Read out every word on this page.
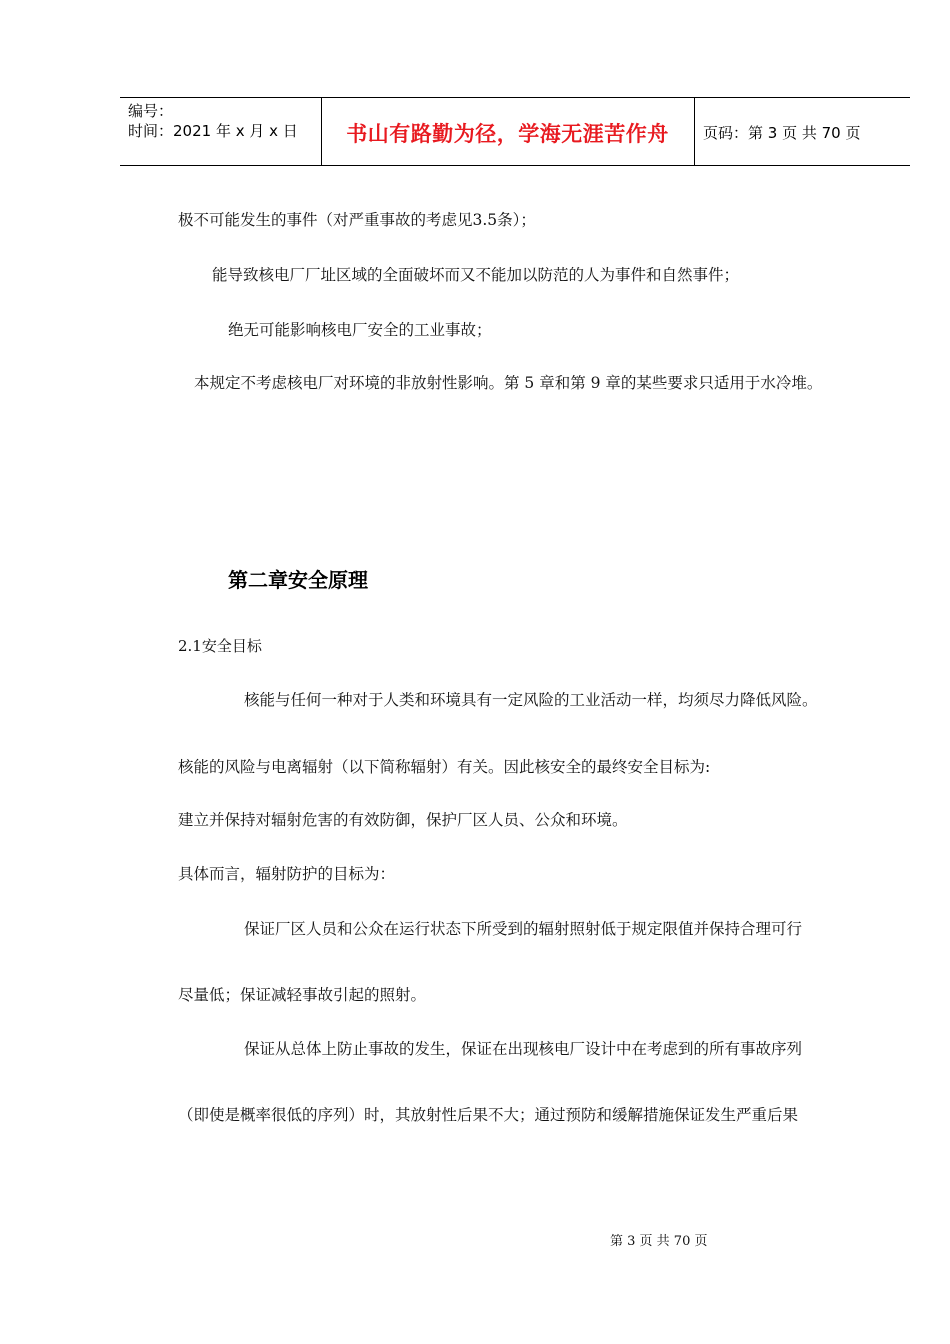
编号：
时间：2021 年 x 月 x 日	书山有路勤为径，学海无涯苦作舟	页码：第 3 页 共 70 页
极不可能发生的事件（对严重事故的考虑见3.5条）；
能导致核电厂厂址区域的全面破坏而又不能加以防范的人为事件和自然事件；
绝无可能影响核电厂安全的工业事故；
本规定不考虑核电厂对环境的非放射性影响。第 5 章和第 9 章的某些要求只适用于水冷堆。
第二章安全原理
2.1安全目标
核能与任何一种对于人类和环境具有一定风险的工业活动一样，均须尽力降低风险。
核能的风险与电离辐射（以下简称辐射）有关。因此核安全的最终安全目标为:
建立并保持对辐射危害的有效防御，保护厂区人员、公众和环境。
具体而言，辐射防护的目标为：
保证厂区人员和公众在运行状态下所受到的辐射照射低于规定限值并保持合理可行
尽量低；保证减轻事故引起的照射。
保证从总体上防止事故的发生，保证在出现核电厂设计中在考虑到的所有事故序列
（即使是概率很低的序列）时，其放射性后果不大；通过预防和缓解措施保证发生严重后果
第 3 页 共 70 页
